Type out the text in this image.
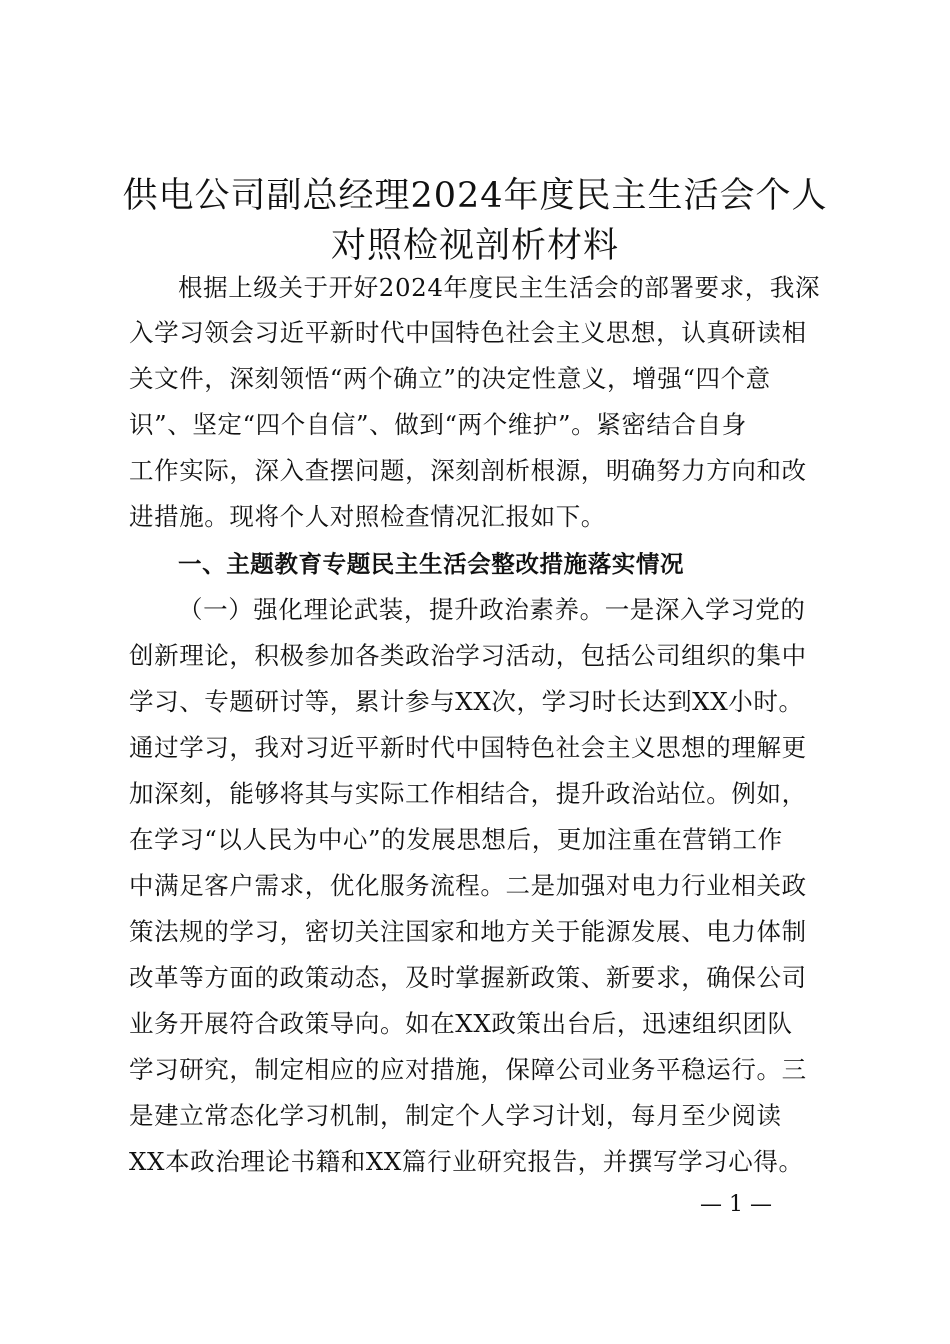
供电公司副总经理2024年度民主生活会个人
对照检视剖析材料

根据上级关于开好2024年度民主生活会的部署要求，我深

入学习领会习近平新时代中国特色社会主义思想，认真研读相

关文件，深刻领悟“两个确立”的决定性意义，增强“四个意

识”、坚定“四个自信”、做到“两个维护”。紧密结合自身

工作实际，深入查摆问题，深刻剖析根源，明确努力方向和改

进措施。现将个人对照检查情况汇报如下。

一、主题教育专题民主生活会整改措施落实情况

（一）强化理论武装，提升政治素养。一是深入学习党的

创新理论，积极参加各类政治学习活动，包括公司组织的集中

学习、专题研讨等，累计参与XX次，学习时长达到XX小时。

通过学习，我对习近平新时代中国特色社会主义思想的理解更

加深刻，能够将其与实际工作相结合，提升政治站位。例如，

在学习“以人民为中心”的发展思想后，更加注重在营销工作

中满足客户需求，优化服务流程。二是加强对电力行业相关政

策法规的学习，密切关注国家和地方关于能源发展、电力体制

改革等方面的政策动态，及时掌握新政策、新要求，确保公司

业务开展符合政策导向。如在XX政策出台后，迅速组织团队

学习研究，制定相应的应对措施，保障公司业务平稳运行。三

是建立常态化学习机制，制定个人学习计划，每月至少阅读

XX本政治理论书籍和XX篇行业研究报告，并撰写学习心得。

— 1 —
